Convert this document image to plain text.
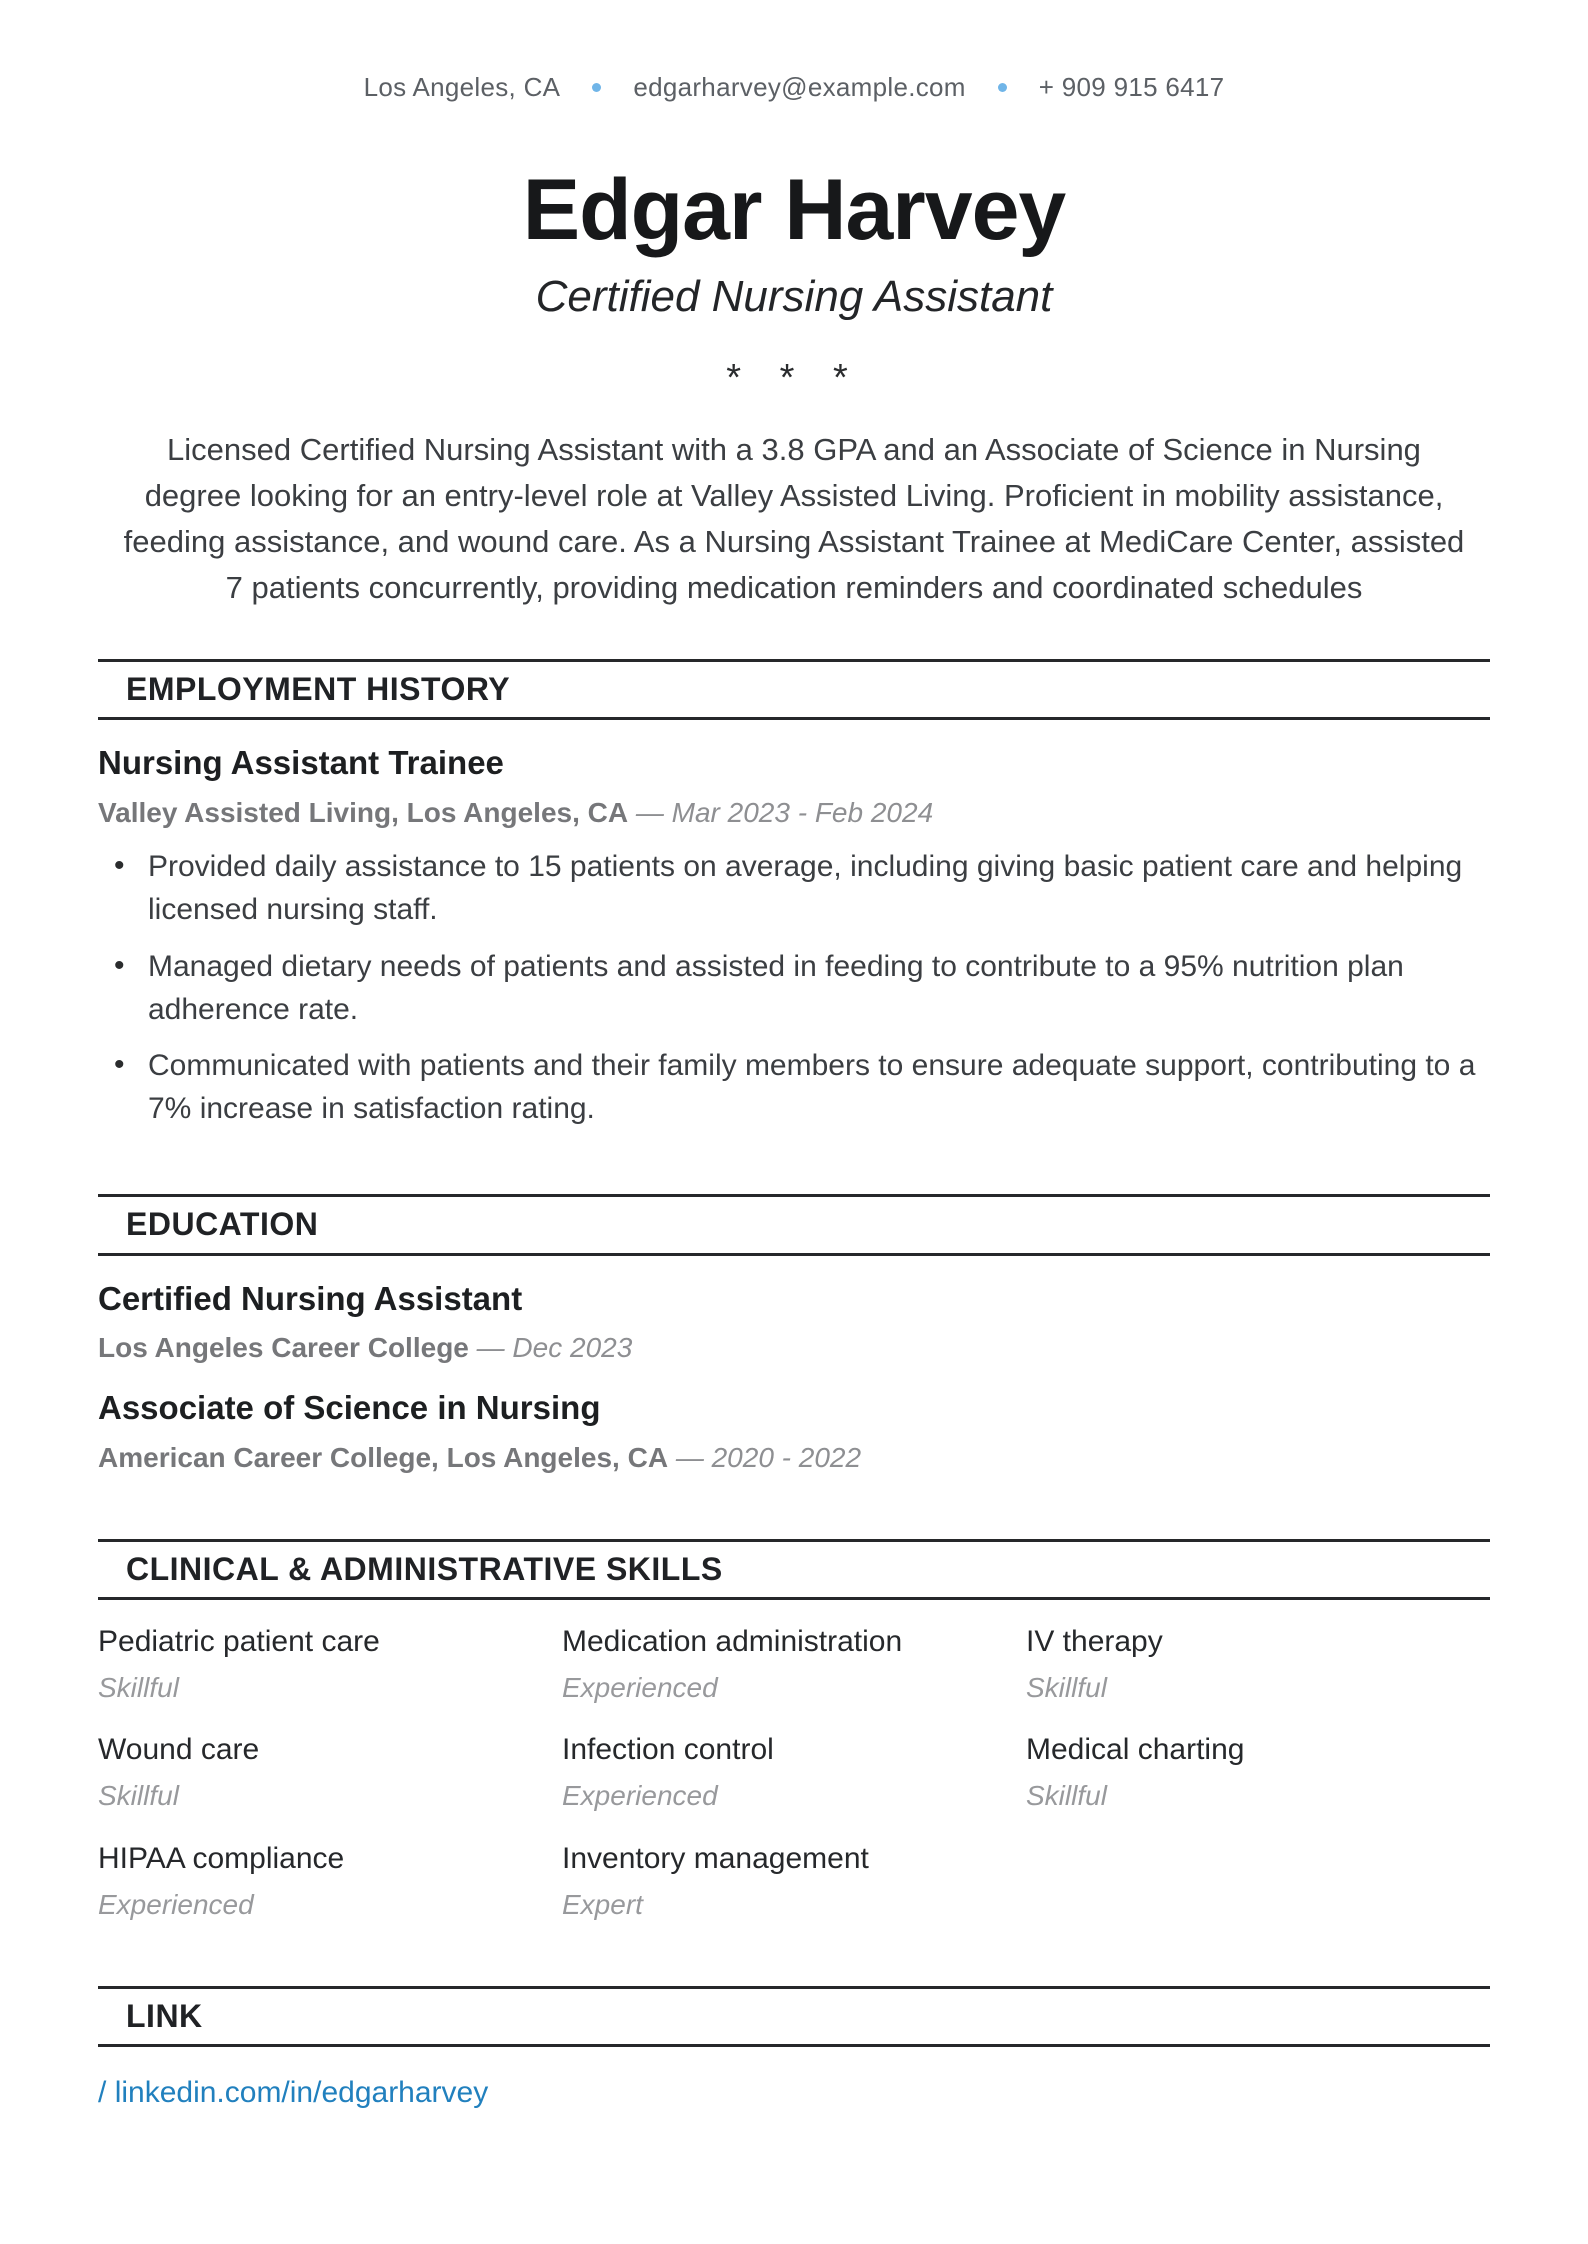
Los Angeles, CA	edgarharvey@example.com	+ 909 915 6417
Edgar Harvey
Certified Nursing Assistant
* * *

Licensed Certified Nursing Assistant with a 3.8 GPA and an Associate of Science in Nursing degree looking for an entry-level role at Valley Assisted Living. Proficient in mobility assistance, feeding assistance, and wound care. As a Nursing Assistant Trainee at MediCare Center, assisted 7 patients concurrently, providing medication reminders and coordinated schedules

EMPLOYMENT HISTORY
Nursing Assistant Trainee
Valley Assisted Living, Los Angeles, CA — Mar 2023 - Feb 2024
• Provided daily assistance to 15 patients on average, including giving basic patient care and helping licensed nursing staff.
• Managed dietary needs of patients and assisted in feeding to contribute to a 95% nutrition plan adherence rate.
• Communicated with patients and their family members to ensure adequate support, contributing to a 7% increase in satisfaction rating.
EDUCATION
Certified Nursing Assistant
Los Angeles Career College — Dec 2023
Associate of Science in Nursing
American Career College, Los Angeles, CA — 2020 - 2022
CLINICAL & ADMINISTRATIVE SKILLS
Pediatric patient care
Skillful
Medication administration
Experienced
IV therapy
Skillful
Wound care
Skillful
Infection control
Experienced
Medical charting
Skillful
HIPAA compliance
Experienced
Inventory management
Expert
LINK
/ linkedin.com/in/edgarharvey
